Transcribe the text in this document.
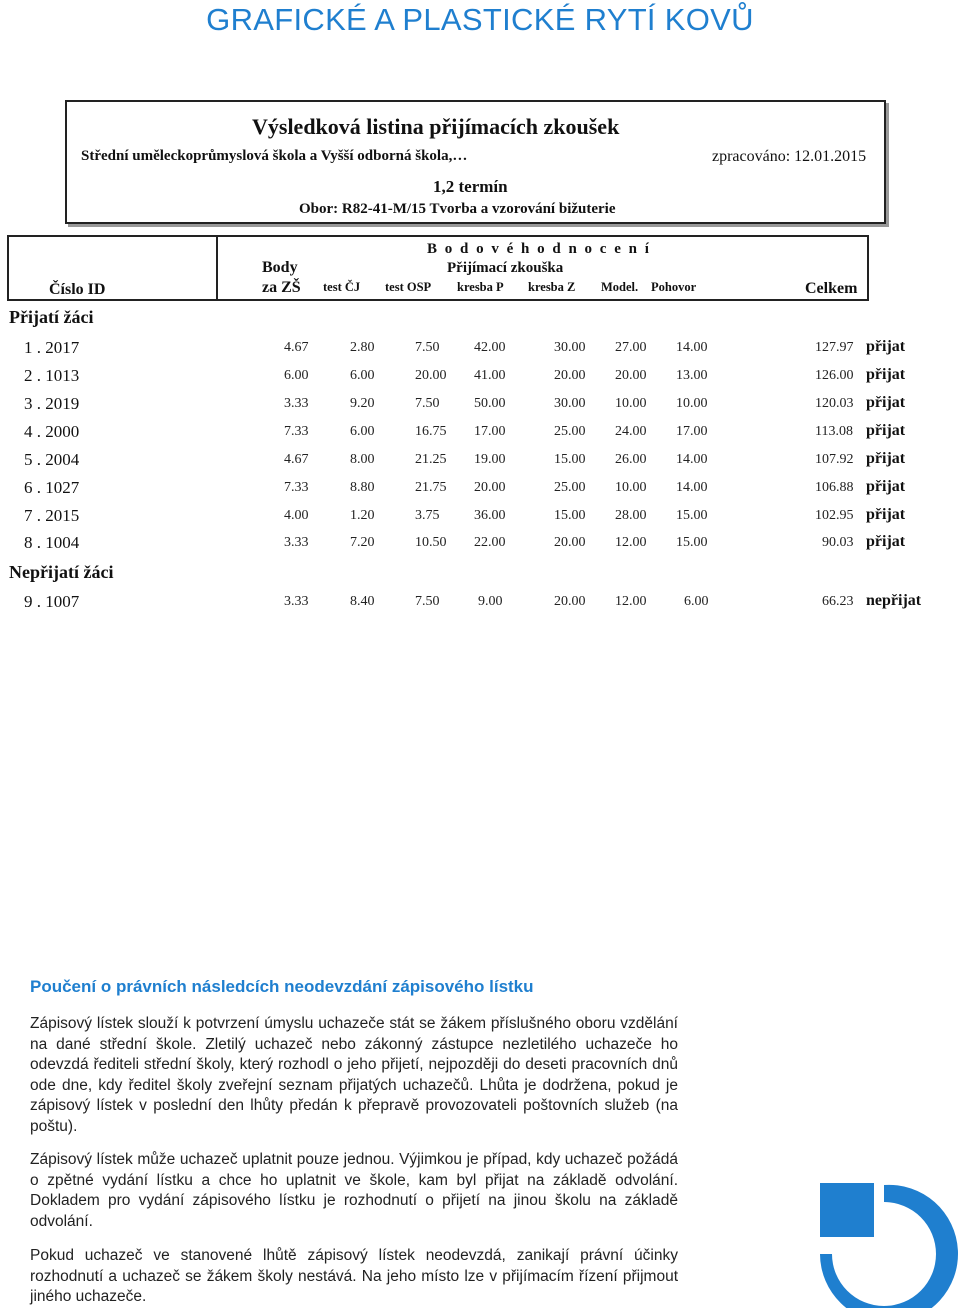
GRAFICKÉ A PLASTICKÉ RYTÍ KOVŮ
Výsledková listina přijímacích zkoušek
Střední uměleckoprůmyslová škola a Vyšší odborná škola,…	zpracováno: 12.01.2015
1,2 termín
Obor: R82-41-M/15 Tvorba a vzorování bižuterie
B o d o v é h o d n o c e n í
Přijímací zkouška
Body
za ZŠ
Číslo ID	test ČJ test OSP kresba P kresba Z Model. Pohovor	Celkem
Přijatí žáci
1 . 2017	4.67	2.80	7.50 42.00	30.00 27.00 14.00	127.97 přijat
2 . 1013	6.00	6.00	20.00 41.00	20.00 20.00 13.00	126.00 přijat
3 . 2019	3.33	9.20	7.50 50.00	30.00 10.00 10.00	120.03 přijat
4 . 2000	7.33	6.00	16.75 17.00	25.00 24.00 17.00	113.08 přijat
5 . 2004	4.67	8.00	21.25 19.00	15.00 26.00 14.00	107.92 přijat
6 . 1027	7.33	8.80	21.75 20.00	25.00 10.00 14.00	106.88 přijat
7 . 2015	4.00	1.20	3.75 36.00	15.00 28.00 15.00	102.95 přijat
8 . 1004	3.33	7.20	10.50 22.00	20.00 12.00 15.00	90.03 přijat
Nepřijatí žáci
9 . 1007	3.33	8.40	7.50	9.00	20.00 12.00	6.00	66.23 nepřijat
Poučení o právních následcích neodevzdání zápisového lístku
Zápisový lístek slouží k potvrzení úmyslu uchazeče stát se žákem příslušného oboru vzdělání na dané střední škole. Zletilý uchazeč nebo zákonný zástupce nezletilého uchazeče ho odevzdá řediteli střední školy, který rozhodl o jeho přijetí, nejpozději do deseti pracovních dnů ode dne, kdy ředitel školy zveřejní seznam přijatých uchazečů. Lhůta je dodržena, pokud je zápisový lístek v poslední den lhůty předán k přepravě provozovateli poštovních služeb (na poštu).
Zápisový lístek může uchazeč uplatnit pouze jednou. Výjimkou je případ, kdy uchazeč požádá o zpětné vydání lístku a chce ho uplatnit ve škole, kam byl přijat na základě odvolání. Dokladem pro vydání zápisového lístku je rozhodnutí o přijetí na jinou školu na základě odvolání.
Pokud uchazeč ve stanovené lhůtě zápisový lístek neodevzdá, zanikají právní účinky rozhodnutí a uchazeč se žákem školy nestává. Na jeho místo lze v přijímacím řízení přijmout jiného uchazeče.
